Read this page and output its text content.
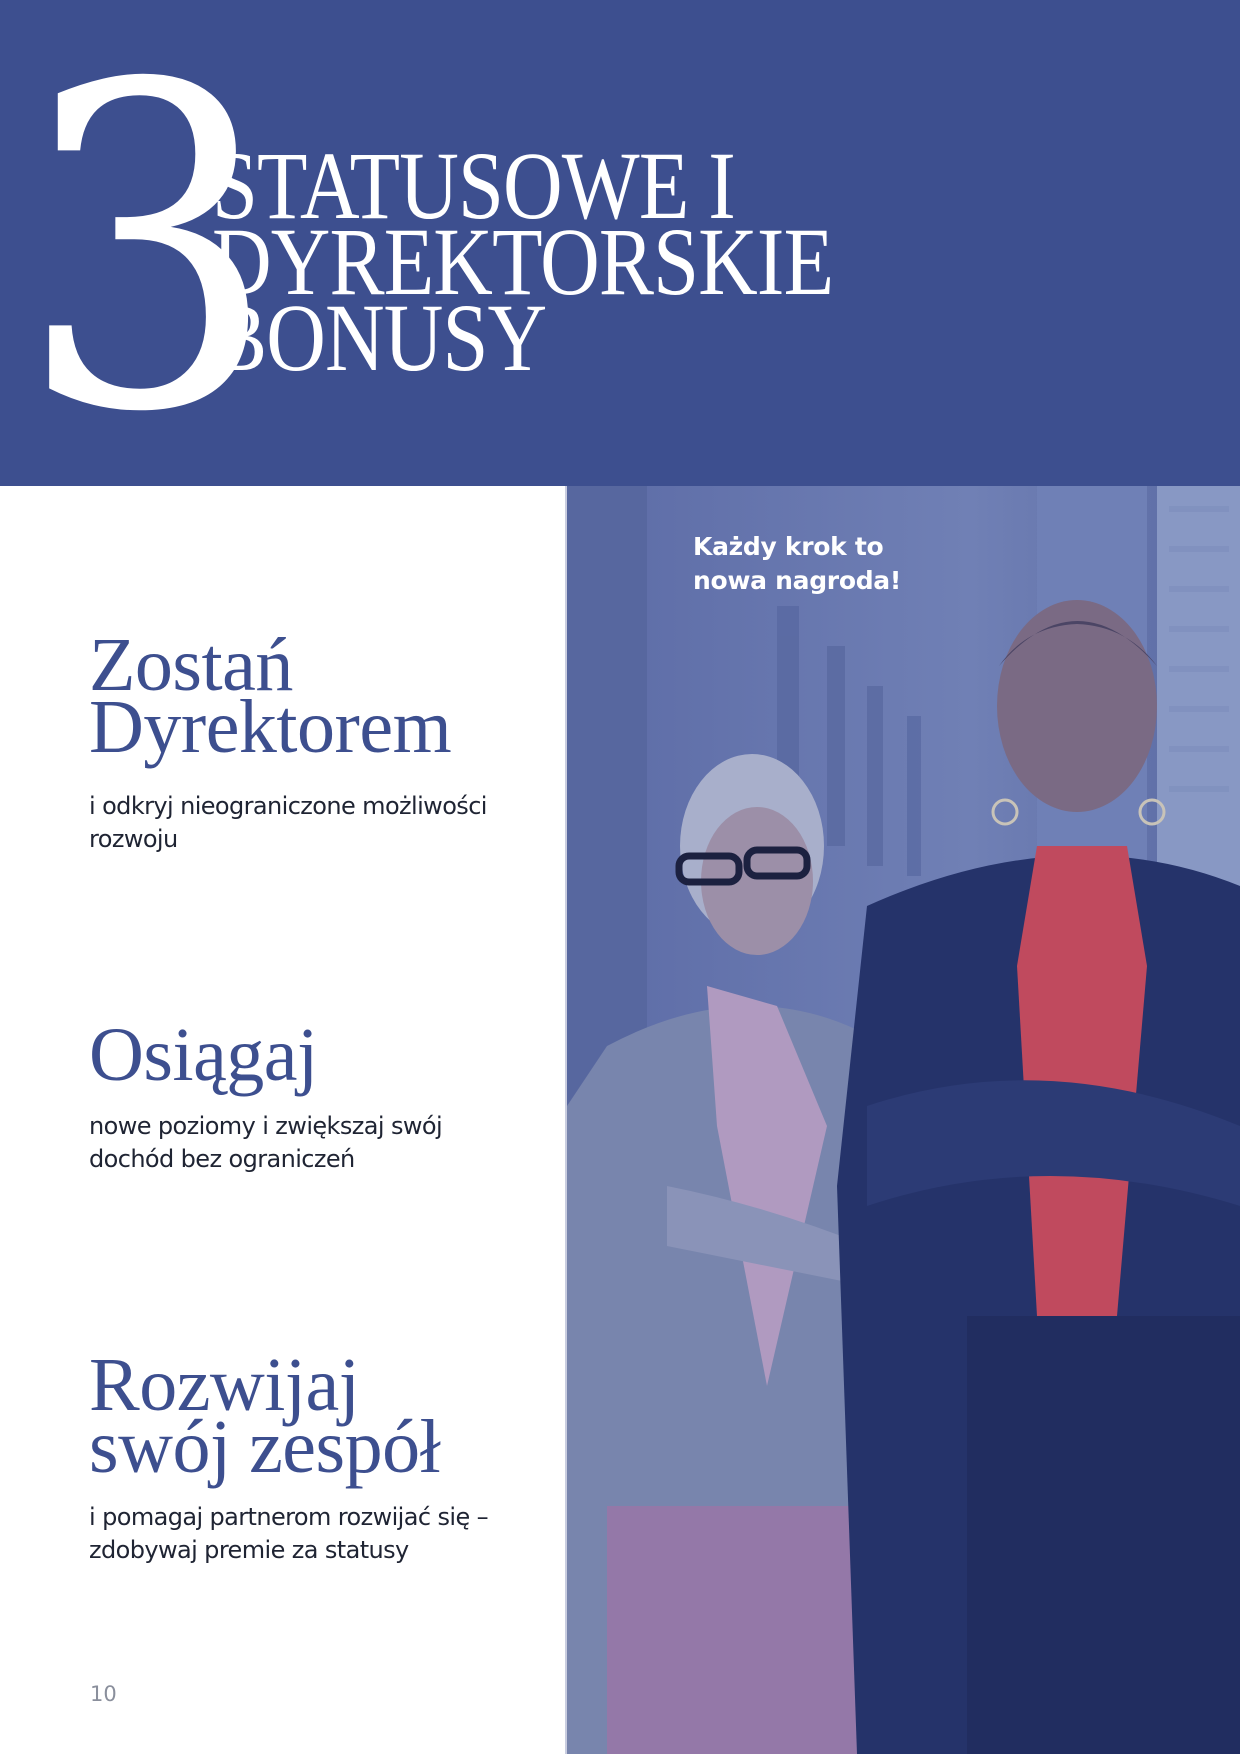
3
STATUSOWE I
DYREKTORSKIE
BONUSY
Zostań
Dyrektorem
i odkryj nieograniczone możliwości
rozwoju
Osiągaj
nowe poziomy i zwiększaj swój
dochód bez ograniczeń
Rozwijaj
swój zespół
i pomagaj partnerom rozwijać się –
zdobywaj premie za statusy
10
Każdy krok to
nowa nagroda!
